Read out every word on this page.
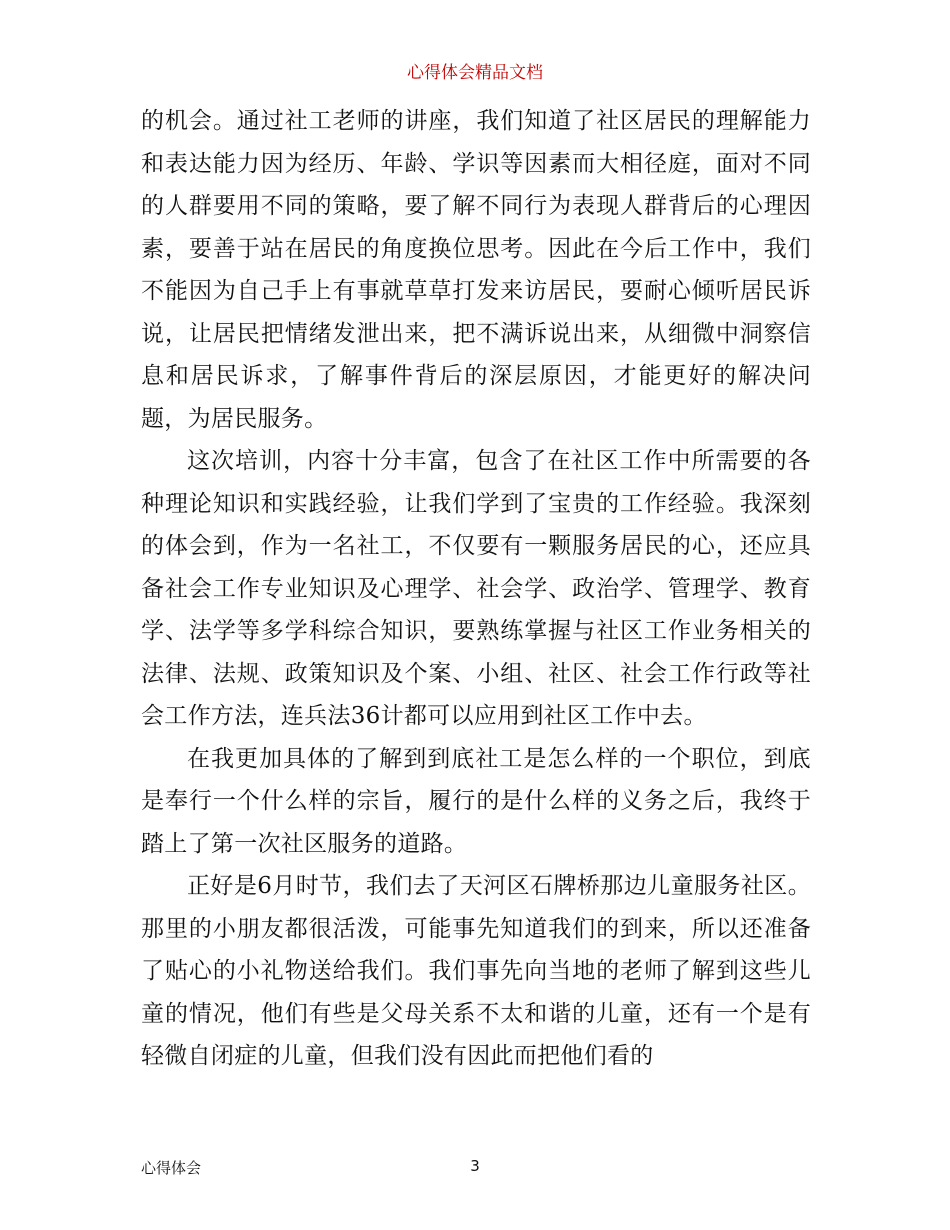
心得体会精品文档

的机会。通过社工老师的讲座，我们知道了社区居民的理解能力和表达能力因为经历、年龄、学识等因素而大相径庭，面对不同的人群要用不同的策略，要了解不同行为表现人群背后的心理因素，要善于站在居民的角度换位思考。因此在今后工作中，我们不能因为自己手上有事就草草打发来访居民，要耐心倾听居民诉说，让居民把情绪发泄出来，把不满诉说出来，从细微中洞察信息和居民诉求，了解事件背后的深层原因，才能更好的解决问题，为居民服务。

这次培训，内容十分丰富，包含了在社区工作中所需要的各种理论知识和实践经验，让我们学到了宝贵的工作经验。我深刻的体会到，作为一名社工，不仅要有一颗服务居民的心，还应具备社会工作专业知识及心理学、社会学、政治学、管理学、教育学、法学等多学科综合知识，要熟练掌握与社区工作业务相关的法律、法规、政策知识及个案、小组、社区、社会工作行政等社会工作方法，连兵法36计都可以应用到社区工作中去。

在我更加具体的了解到到底社工是怎么样的一个职位，到底是奉行一个什么样的宗旨，履行的是什么样的义务之后，我终于踏上了第一次社区服务的道路。

正好是6月时节，我们去了天河区石牌桥那边儿童服务社区。那里的小朋友都很活泼，可能事先知道我们的到来，所以还准备了贴心的小礼物送给我们。我们事先向当地的老师了解到这些儿童的情况，他们有些是父母关系不太和谐的儿童，还有一个是有轻微自闭症的儿童，但我们没有因此而把他们看的

心得体会	3
